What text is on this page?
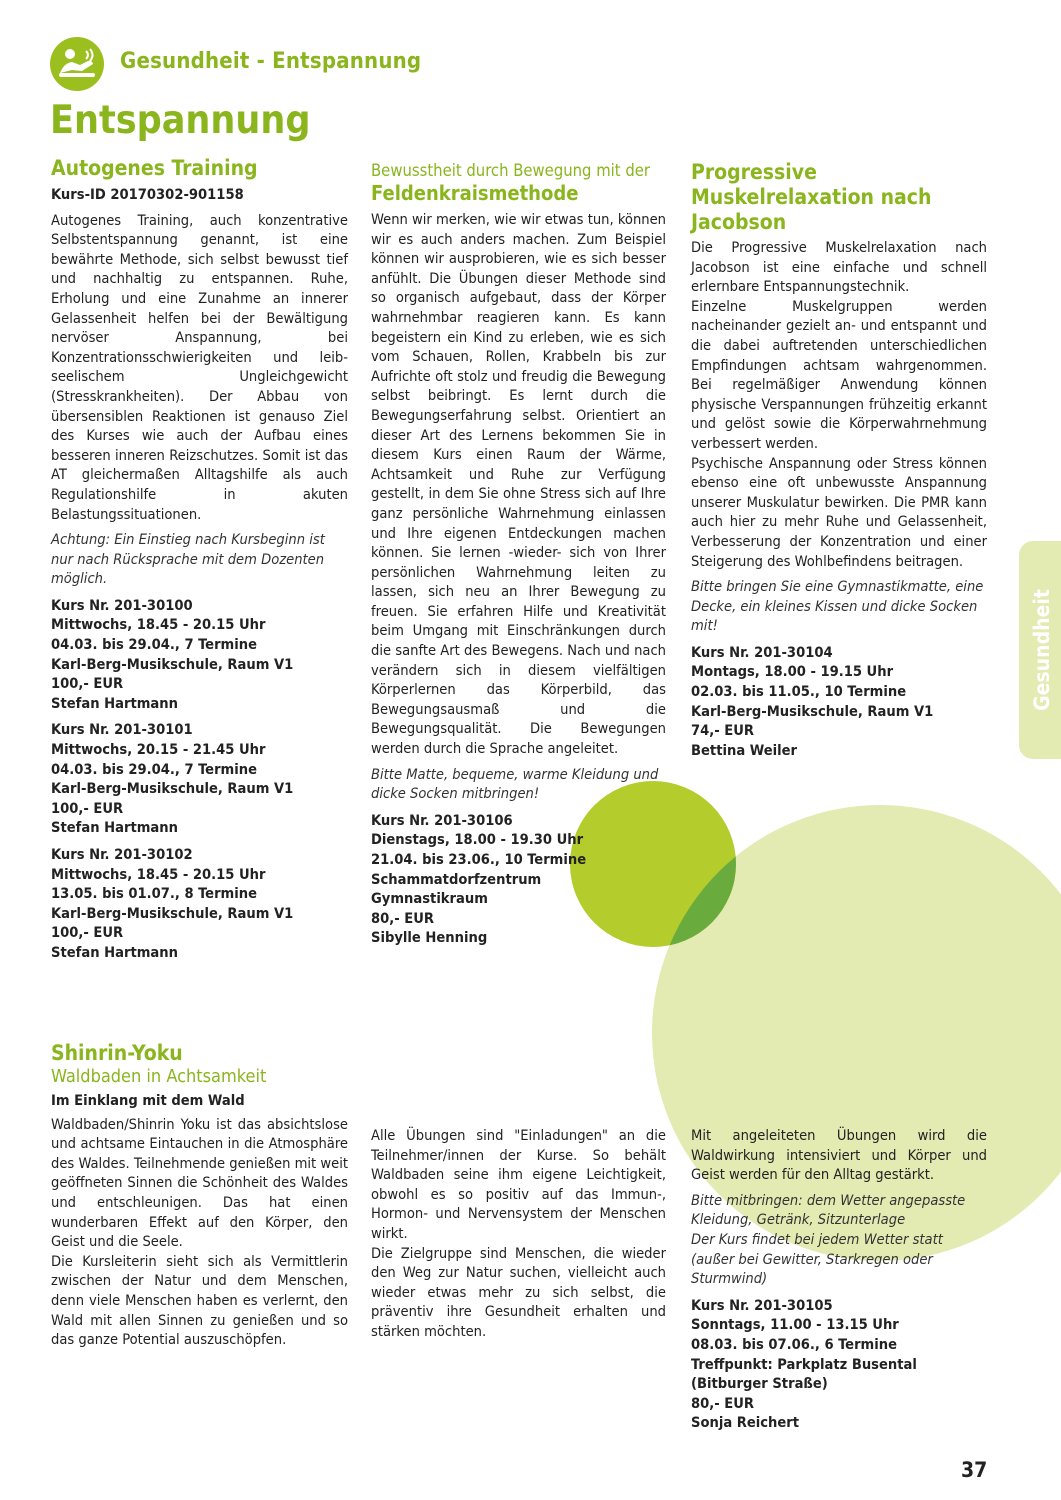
Gesundheit - Entspannung
Entspannung
Autogenes Training
Kurs-ID 20170302-901158

Autogenes Training, auch konzentrative Selbstentspannung genannt, ist eine bewährte Methode, sich selbst bewusst tief und nachhaltig zu entspannen. Ruhe, Erholung und eine Zunahme an innerer Gelassenheit helfen bei der Bewältigung nervöser Anspannung, bei Konzentrationsschwierigkeiten und leib-seelischem Ungleichgewicht (Stresskrankheiten). Der Abbau von übersensiblen Reaktionen ist genauso Ziel des Kurses wie auch der Aufbau eines besseren inneren Reizschutzes. Somit ist das AT gleichermaßen Alltagshilfe als auch Regulationshilfe in akuten Belastungssituationen.

Achtung: Ein Einstieg nach Kursbeginn ist nur nach Rücksprache mit dem Dozenten möglich.

Kurs Nr. 201-30100
Mittwochs, 18.45 - 20.15 Uhr
04.03. bis 29.04., 7 Termine
Karl-Berg-Musikschule, Raum V1
100,- EUR
Stefan Hartmann
Kurs Nr. 201-30101
Mittwochs, 20.15 - 21.45 Uhr
04.03. bis 29.04., 7 Termine
Karl-Berg-Musikschule, Raum V1
100,- EUR
Stefan Hartmann
Kurs Nr. 201-30102
Mittwochs, 18.45 - 20.15 Uhr
13.05. bis 01.07., 8 Termine
Karl-Berg-Musikschule, Raum V1
100,- EUR
Stefan Hartmann
Bewusstheit durch Bewegung mit der
Feldenkraismethode

Wenn wir merken, wie wir etwas tun, können wir es auch anders machen. Zum Beispiel können wir ausprobieren, wie es sich besser anfühlt. Die Übungen dieser Methode sind so organisch aufgebaut, dass der Körper wahrnehmbar reagieren kann. Es kann begeistern ein Kind zu erleben, wie es sich vom Schauen, Rollen, Krabbeln bis zur Aufrichte oft stolz und freudig die Bewegung selbst beibringt. Es lernt durch die Bewegungserfahrung selbst. Orientiert an dieser Art des Lernens bekommen Sie in diesem Kurs einen Raum der Wärme, Achtsamkeit und Ruhe zur Verfügung gestellt, in dem Sie ohne Stress sich auf Ihre ganz persönliche Wahrnehmung einlassen und Ihre eigenen Entdeckungen machen können. Sie lernen -wieder- sich von Ihrer persönlichen Wahrnehmung leiten zu lassen, sich neu an Ihrer Bewegung zu freuen. Sie erfahren Hilfe und Kreativität beim Umgang mit Einschränkungen durch die sanfte Art des Bewegens. Nach und nach verändern sich in diesem vielfältigen Körperlernen das Körperbild, das Bewegungsausmaß und die Bewegungsqualität. Die Bewegungen werden durch die Sprache angeleitet.

Bitte Matte, bequeme, warme Kleidung und dicke Socken mitbringen!

Kurs Nr. 201-30106
Dienstags, 18.00 - 19.30 Uhr
21.04. bis 23.06., 10 Termine
Schammatdorfzentrum
Gymnastikraum
80,- EUR
Sibylle Henning
Progressive Muskelrelaxation nach Jacobson

Die Progressive Muskelrelaxation nach Jacobson ist eine einfache und schnell erlernbare Entspannungstechnik.

Einzelne Muskelgruppen werden nacheinander gezielt an- und entspannt und die dabei auftretenden unterschiedlichen Empfindungen achtsam wahrgenommen. Bei regelmäßiger Anwendung können physische Verspannungen frühzeitig erkannt und gelöst sowie die Körperwahrnehmung verbessert werden.

Psychische Anspannung oder Stress können ebenso eine oft unbewusste Anspannung unserer Muskulatur bewirken. Die PMR kann auch hier zu mehr Ruhe und Gelassenheit, Verbesserung der Konzentration und einer Steigerung des Wohlbefindens beitragen.

Bitte bringen Sie eine Gymnastikmatte, eine Decke, ein kleines Kissen und dicke Socken mit!

Kurs Nr. 201-30104
Montags, 18.00 - 19.15 Uhr
02.03. bis 11.05., 10 Termine
Karl-Berg-Musikschule, Raum V1
74,- EUR
Bettina Weiler
Shinrin-Yoku
Waldbaden in Achtsamkeit
Im Einklang mit dem Wald

Waldbaden/Shinrin Yoku ist das absichtslose und achtsame Eintauchen in die Atmosphäre des Waldes. Teilnehmende genießen mit weit geöffneten Sinnen die Schönheit des Waldes und entschleunigen. Das hat einen wunderbaren Effekt auf den Körper, den Geist und die Seele.

Die Kursleiterin sieht sich als Vermittlerin zwischen der Natur und dem Menschen, denn viele Menschen haben es verlernt, den Wald mit allen Sinnen zu genießen und so das ganze Potential auszuschöpfen.

Alle Übungen sind "Einladungen" an die Teilnehmer/innen der Kurse. So behält Waldbaden seine ihm eigene Leichtigkeit, obwohl es so positiv auf das Immun-, Hormon- und Nervensystem der Menschen wirkt.

Die Zielgruppe sind Menschen, die wieder den Weg zur Natur suchen, vielleicht auch wieder etwas mehr zu sich selbst, die präventiv ihre Gesundheit erhalten und stärken möchten.

Mit angeleiteten Übungen wird die Waldwirkung intensiviert und Körper und Geist werden für den Alltag gestärkt.

Bitte mitbringen: dem Wetter angepasste Kleidung, Getränk, Sitzunterlage

Der Kurs findet bei jedem Wetter statt (außer bei Gewitter, Starkregen oder Sturmwind)

Kurs Nr. 201-30105
Sonntags, 11.00 - 13.15 Uhr
08.03. bis 07.06., 6 Termine
Treffpunkt: Parkplatz Busental
(Bitburger Straße)
80,- EUR
Sonja Reichert
Gesundheit
37
